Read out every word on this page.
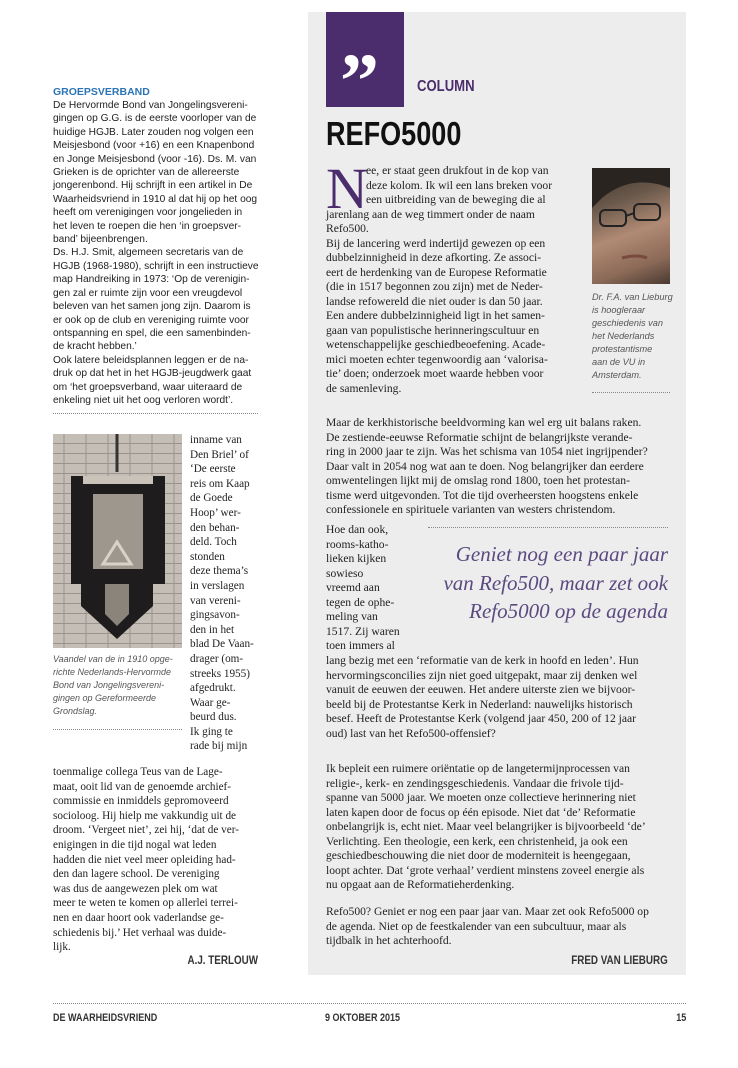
GROEPSVERBAND
De Hervormde Bond van Jongelingsvereni-
gingen op G.G. is de eerste voorloper van de
huidige HGJB. Later zouden nog volgen een
Meisjesbond (voor +16) en een Knapenbond
en Jonge Meisjesbond (voor -16). Ds. M. van
Grieken is de oprichter van de allereerste
jongerenbond. Hij schrijft in een artikel in De
Waarheidsvriend in 1910 al dat hij op het oog
heeft om verenigingen voor jongelieden in
het leven te roepen die hen ‘in groepsver-
band’ bijeenbrengen.
Ds. H.J. Smit, algemeen secretaris van de
HGJB (1968-1980), schrijft in een instructieve
map Handreiking in 1973: ‘Op de verenigin-
gen zal er ruimte zijn voor een vreugdevol
beleven van het samen jong zijn. Daarom is
er ook op de club en vereniging ruimte voor
ontspanning en spel, die een samenbinden-
de kracht hebben.’
Ook latere beleidsplannen leggen er de na-
druk op dat het in het HGJB-jeugdwerk gaat
om ‘het groepsverband, waar uiteraard de
enkeling niet uit het oog verloren wordt’.
Vaandel van de in 1910 opge-
richte Nederlands-Hervormde
Bond van Jongelingsvereni-
gingen op Gereformeerde
Grondslag.
inname van
Den Briel’ of
‘De eerste
reis om Kaap
de Goede
Hoop’ wer-
den behan-
deld. Toch
stonden
deze thema’s
in verslagen
van vereni-
gingsavon-
den in het
blad De Vaan-
drager (om-
streeks 1955)
afgedrukt.
Waar ge-
beurd dus.
Ik ging te
rade bij mijn
toenmalige collega Teus van de Lage-
maat, ooit lid van de genoemde archief-
commissie en inmiddels gepromoveerd
socioloog. Hij hielp me vakkundig uit de
droom. ‘Vergeet niet’, zei hij, ‘dat de ver-
enigingen in die tijd nogal wat leden
hadden die niet veel meer opleiding had-
den dan lagere school. De vereniging
was dus de aangewezen plek om wat
meer te weten te komen op allerlei terrei-
nen en daar hoort ook vaderlandse ge-
schiedenis bij.’ Het verhaal was duide-
lijk.
A.J. TERLOUW
” COLUMN
REFO5000
N
ee, er staat geen drukfout in de kop van
deze kolom. Ik wil een lans breken voor
een uitbreiding van de beweging die al
jarenlang aan de weg timmert onder de naam
Refo500.
Bij de lancering werd indertijd gewezen op een
dubbelzinnigheid in deze afkorting. Ze associ-
eert de herdenking van de Europese Reformatie
(die in 1517 begonnen zou zijn) met de Neder-
landse refowereld die niet ouder is dan 50 jaar.
Een andere dubbelzinnigheid ligt in het samen-
gaan van populistische herinneringscultuur en
wetenschappelijke geschiedbeoefening. Acade-
mici moeten echter tegenwoordig aan ‘valorisa-
tie’ doen; onderzoek moet waarde hebben voor
de samenleving.
Dr. F.A. van Lieburg
is hoogleraar
geschiedenis van
het Nederlands
protestantisme
aan de VU in
Amsterdam.
Maar de kerkhistorische beeldvorming kan wel erg uit balans raken.
De zestiende-eeuwse Reformatie schijnt de belangrijkste verande-
ring in 2000 jaar te zijn. Was het schisma van 1054 niet ingrijpender?
Daar valt in 2054 nog wat aan te doen. Nog belangrijker dan eerdere
omwentelingen lijkt mij de omslag rond 1800, toen het protestan-
tisme werd uitgevonden. Tot die tijd overheersten hoogstens enkele
confessionele en spirituele varianten van westers christendom.
Hoe dan ook,
rooms-katho-
lieken kijken
sowieso
vreemd aan
tegen de ophe-
meling van
1517. Zij waren
toen immers al
Geniet nog een paar jaar
van Refo500, maar zet ook
Refo5000 op de agenda
lang bezig met een ‘reformatie van de kerk in hoofd en leden’. Hun
hervormingsconcilies zijn niet goed uitgepakt, maar zij denken wel
vanuit de eeuwen der eeuwen. Het andere uiterste zien we bijvoor-
beeld bij de Protestantse Kerk in Nederland: nauwelijks historisch
besef. Heeft de Protestantse Kerk (volgend jaar 450, 200 of 12 jaar
oud) last van het Refo500-offensief?
Ik bepleit een ruimere oriëntatie op de langetermijnprocessen van
religie-, kerk- en zendingsgeschiedenis. Vandaar die frivole tijd-
spanne van 5000 jaar. We moeten onze collectieve herinnering niet
laten kapen door de focus op één episode. Niet dat ‘de’ Reformatie
onbelangrijk is, echt niet. Maar veel belangrijker is bijvoorbeeld ‘de’
Verlichting. Een theologie, een kerk, een christenheid, ja ook een
geschiedbeschouwing die niet door de moderniteit is heengegaan,
loopt achter. Dat ‘grote verhaal’ verdient minstens zoveel energie als
nu opgaat aan de Reformatieherdenking.
Refo500? Geniet er nog een paar jaar van. Maar zet ook Refo5000 op
de agenda. Niet op de feestkalender van een subcultuur, maar als
tijdbalk in het achterhoofd.
FRED VAN LIEBURG
DE WAARHEIDSVRIEND	9 OKTOBER 2015	15
